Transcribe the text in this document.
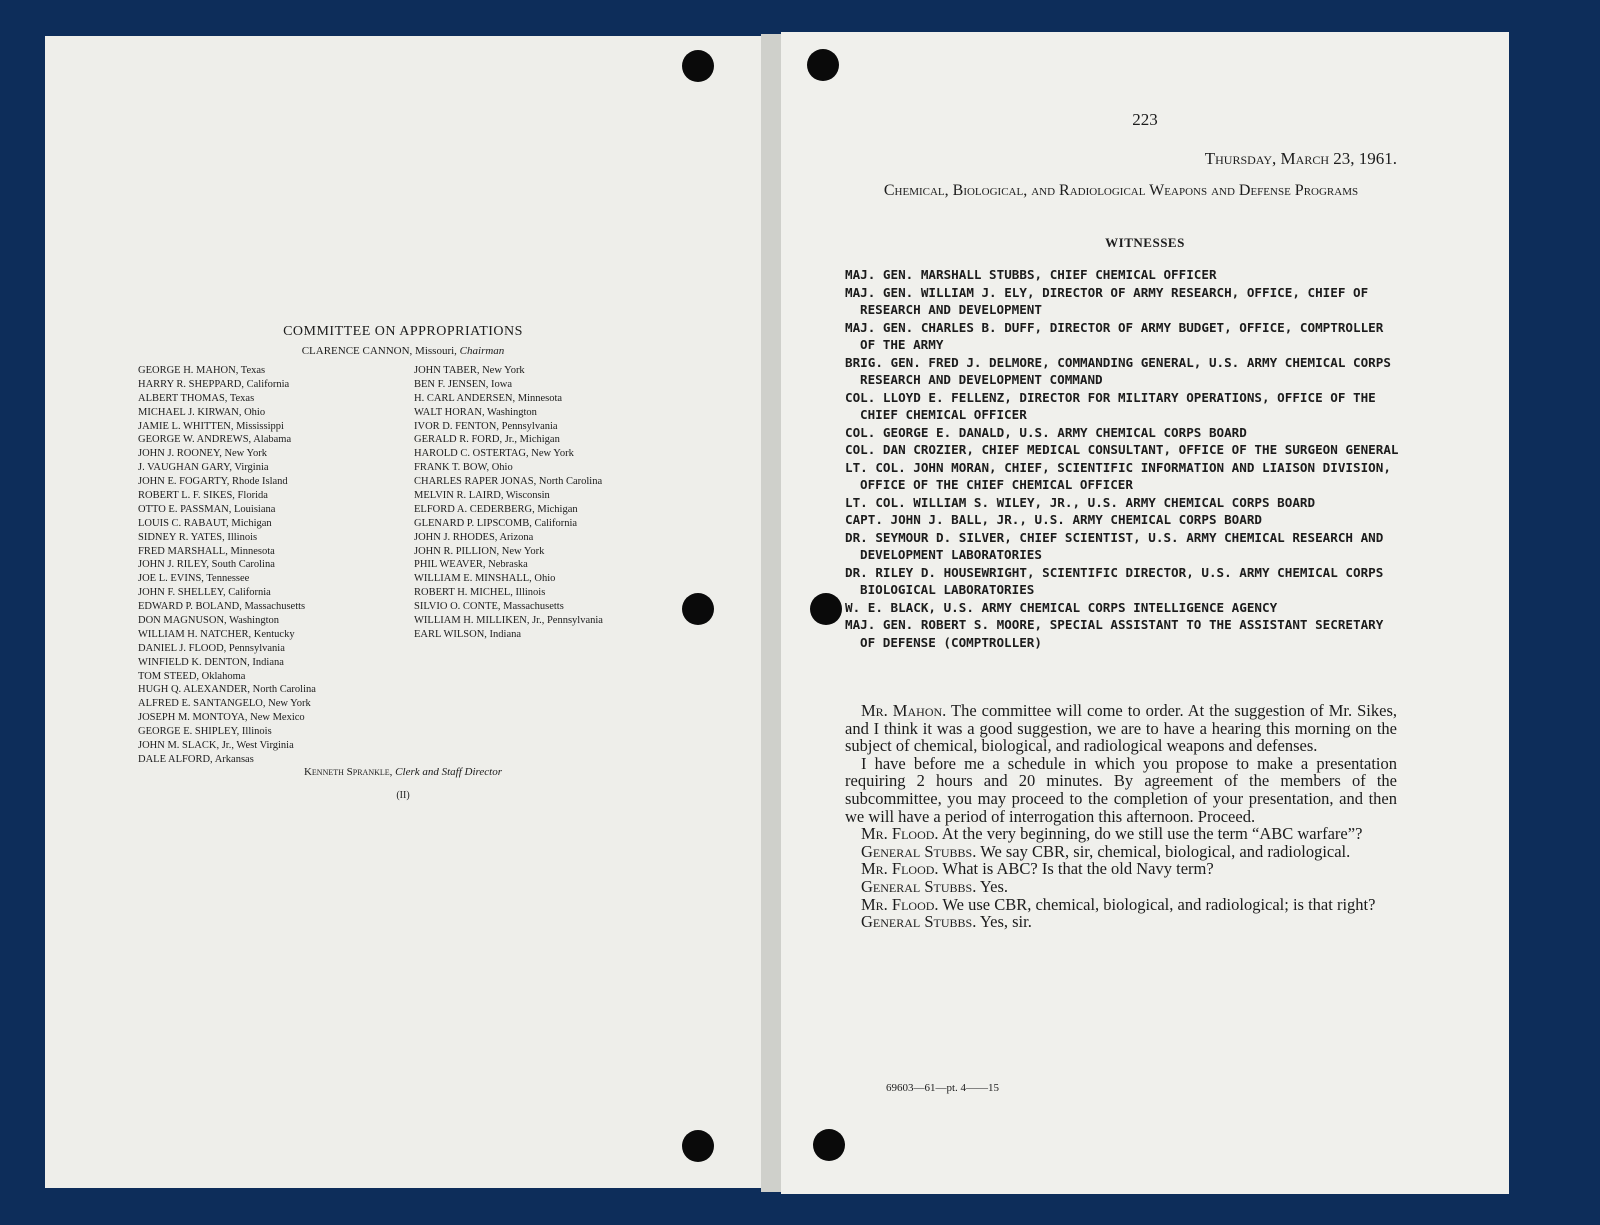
COMMITTEE ON APPROPRIATIONS
CLARENCE CANNON, Missouri, Chairman
GEORGE H. MAHON, Texas
HARRY R. SHEPPARD, California
ALBERT THOMAS, Texas
MICHAEL J. KIRWAN, Ohio
JAMIE L. WHITTEN, Mississippi
GEORGE W. ANDREWS, Alabama
JOHN J. ROONEY, New York
J. VAUGHAN GARY, Virginia
JOHN E. FOGARTY, Rhode Island
ROBERT L. F. SIKES, Florida
OTTO E. PASSMAN, Louisiana
LOUIS C. RABAUT, Michigan
SIDNEY R. YATES, Illinois
FRED MARSHALL, Minnesota
JOHN J. RILEY, South Carolina
JOE L. EVINS, Tennessee
JOHN F. SHELLEY, California
EDWARD P. BOLAND, Massachusetts
DON MAGNUSON, Washington
WILLIAM H. NATCHER, Kentucky
DANIEL J. FLOOD, Pennsylvania
WINFIELD K. DENTON, Indiana
TOM STEED, Oklahoma
HUGH Q. ALEXANDER, North Carolina
ALFRED E. SANTANGELO, New York
JOSEPH M. MONTOYA, New Mexico
GEORGE E. SHIPLEY, Illinois
JOHN M. SLACK, Jr., West Virginia
DALE ALFORD, Arkansas
JOHN TABER, New York
BEN F. JENSEN, Iowa
H. CARL ANDERSEN, Minnesota
WALT HORAN, Washington
IVOR D. FENTON, Pennsylvania
GERALD R. FORD, Jr., Michigan
HAROLD C. OSTERTAG, New York
FRANK T. BOW, Ohio
CHARLES RAPER JONAS, North Carolina
MELVIN R. LAIRD, Wisconsin
ELFORD A. CEDERBERG, Michigan
GLENARD P. LIPSCOMB, California
JOHN J. RHODES, Arizona
JOHN R. PILLION, New York
PHIL WEAVER, Nebraska
WILLIAM E. MINSHALL, Ohio
ROBERT H. MICHEL, Illinois
SILVIO O. CONTE, Massachusetts
WILLIAM H. MILLIKEN, Jr., Pennsylvania
EARL WILSON, Indiana
Kenneth Sprankle, Clerk and Staff Director
(II)
223
Thursday, March 23, 1961.
Chemical, Biological, and Radiological Weapons and Defense Programs
WITNESSES
MAJ. GEN. MARSHALL STUBBS, CHIEF CHEMICAL OFFICER
MAJ. GEN. WILLIAM J. ELY, DIRECTOR OF ARMY RESEARCH, OFFICE, CHIEF OF RESEARCH AND DEVELOPMENT
MAJ. GEN. CHARLES B. DUFF, DIRECTOR OF ARMY BUDGET, OFFICE, COMPTROLLER OF THE ARMY
BRIG. GEN. FRED J. DELMORE, COMMANDING GENERAL, U.S. ARMY CHEMICAL CORPS RESEARCH AND DEVELOPMENT COMMAND
COL. LLOYD E. FELLENZ, DIRECTOR FOR MILITARY OPERATIONS, OFFICE OF THE CHIEF CHEMICAL OFFICER
COL. GEORGE E. DANALD, U.S. ARMY CHEMICAL CORPS BOARD
COL. DAN CROZIER, CHIEF MEDICAL CONSULTANT, OFFICE OF THE SURGEON GENERAL
LT. COL. JOHN MORAN, CHIEF, SCIENTIFIC INFORMATION AND LIAISON DIVISION, OFFICE OF THE CHIEF CHEMICAL OFFICER
LT. COL. WILLIAM S. WILEY, JR., U.S. ARMY CHEMICAL CORPS BOARD
CAPT. JOHN J. BALL, JR., U.S. ARMY CHEMICAL CORPS BOARD
DR. SEYMOUR D. SILVER, CHIEF SCIENTIST, U.S. ARMY CHEMICAL RESEARCH AND DEVELOPMENT LABORATORIES
DR. RILEY D. HOUSEWRIGHT, SCIENTIFIC DIRECTOR, U.S. ARMY CHEMICAL CORPS BIOLOGICAL LABORATORIES
W. E. BLACK, U.S. ARMY CHEMICAL CORPS INTELLIGENCE AGENCY
MAJ. GEN. ROBERT S. MOORE, SPECIAL ASSISTANT TO THE ASSISTANT SECRETARY OF DEFENSE (COMPTROLLER)

Mr. Mahon. The committee will come to order. At the suggestion of Mr. Sikes, and I think it was a good suggestion, we are to have a hearing this morning on the subject of chemical, biological, and radiological weapons and defenses.

I have before me a schedule in which you propose to make a presentation requiring 2 hours and 20 minutes. By agreement of the members of the subcommittee, you may proceed to the completion of your presentation, and then we will have a period of interrogation this afternoon. Proceed.

Mr. Flood. At the very beginning, do we still use the term “ABC warfare”?

General Stubbs. We say CBR, sir, chemical, biological, and radiological.

Mr. Flood. What is ABC? Is that the old Navy term?

General Stubbs. Yes.

Mr. Flood. We use CBR, chemical, biological, and radiological; is that right?

General Stubbs. Yes, sir.

69603—61—pt. 4——15
